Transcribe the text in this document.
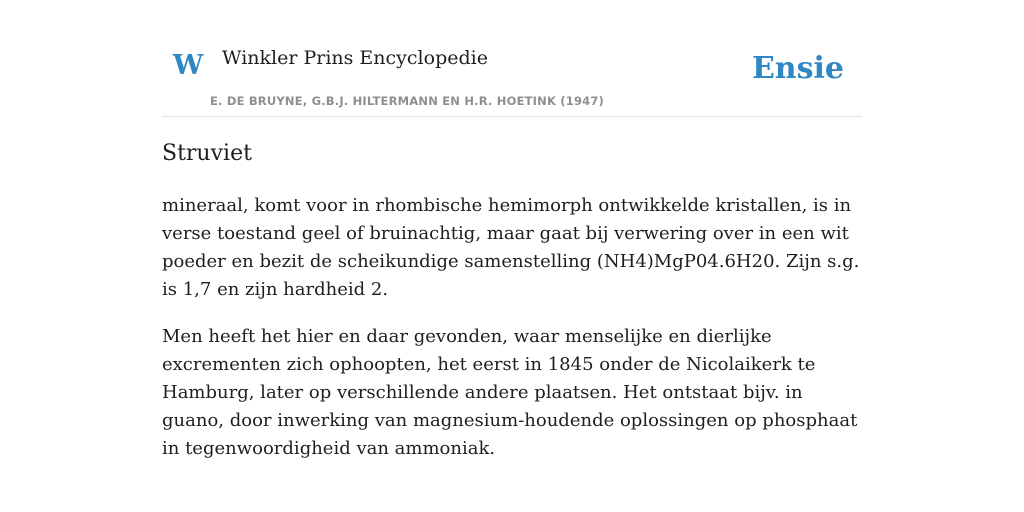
W Winkler Prins Encyclopedie
E. DE BRUYNE, G.B.J. HILTERMANN EN H.R. HOETINK (1947)
Ensie
Struviet

mineraal, komt voor in rhombische hemimorph ontwikkelde kristallen, is in verse toestand geel of bruinachtig, maar gaat bij verwering over in een wit poeder en bezit de scheikundige samenstelling (NH4)MgP04.6H20. Zijn s.g. is 1,7 en zijn hardheid 2.

Men heeft het hier en daar gevonden, waar menselijke en dierlijke excrementen zich ophoopten, het eerst in 1845 onder de Nicolaikerk te Hamburg, later op verschillende andere plaatsen. Het ontstaat bijv. in guano, door inwerking van magnesium-houdende oplossingen op phosphaat in tegenwoordigheid van ammoniak.
